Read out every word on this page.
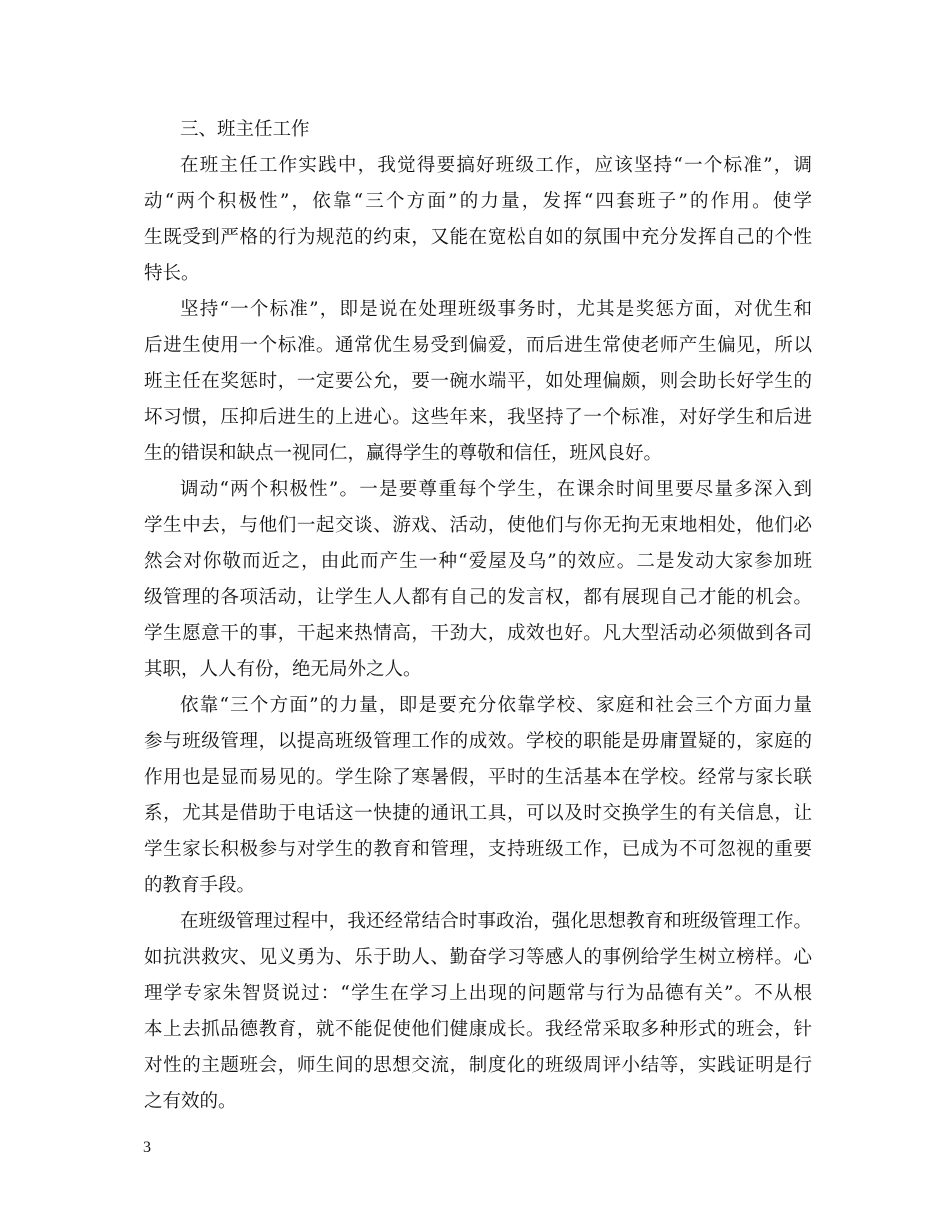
三、班主任工作
在班主任工作实践中，我觉得要搞好班级工作，应该坚持“一个标准”，调
动“两个积极性”，依靠“三个方面”的力量，发挥“四套班子”的作用。使学
生既受到严格的行为规范的约束，又能在宽松自如的氛围中充分发挥自己的个性
特长。
坚持“一个标准”，即是说在处理班级事务时，尤其是奖惩方面，对优生和
后进生使用一个标准。通常优生易受到偏爱，而后进生常使老师产生偏见，所以
班主任在奖惩时，一定要公允，要一碗水端平，如处理偏颇，则会助长好学生的
坏习惯，压抑后进生的上进心。这些年来，我坚持了一个标准，对好学生和后进
生的错误和缺点一视同仁，赢得学生的尊敬和信任，班风良好。
调动“两个积极性”。一是要尊重每个学生，在课余时间里要尽量多深入到
学生中去，与他们一起交谈、游戏、活动，使他们与你无拘无束地相处，他们必
然会对你敬而近之，由此而产生一种“爱屋及乌”的效应。二是发动大家参加班
级管理的各项活动，让学生人人都有自己的发言权，都有展现自己才能的机会。
学生愿意干的事，干起来热情高，干劲大，成效也好。凡大型活动必须做到各司
其职，人人有份，绝无局外之人。
依靠“三个方面”的力量，即是要充分依靠学校、家庭和社会三个方面力量
参与班级管理，以提高班级管理工作的成效。学校的职能是毋庸置疑的，家庭的
作用也是显而易见的。学生除了寒暑假，平时的生活基本在学校。经常与家长联
系，尤其是借助于电话这一快捷的通讯工具，可以及时交换学生的有关信息，让
学生家长积极参与对学生的教育和管理，支持班级工作，已成为不可忽视的重要
的教育手段。
在班级管理过程中，我还经常结合时事政治，强化思想教育和班级管理工作。
如抗洪救灾、见义勇为、乐于助人、勤奋学习等感人的事例给学生树立榜样。心
理学专家朱智贤说过：“学生在学习上出现的问题常与行为品德有关”。不从根
本上去抓品德教育，就不能促使他们健康成长。我经常采取多种形式的班会，针
对性的主题班会，师生间的思想交流，制度化的班级周评小结等，实践证明是行
之有效的。
3
